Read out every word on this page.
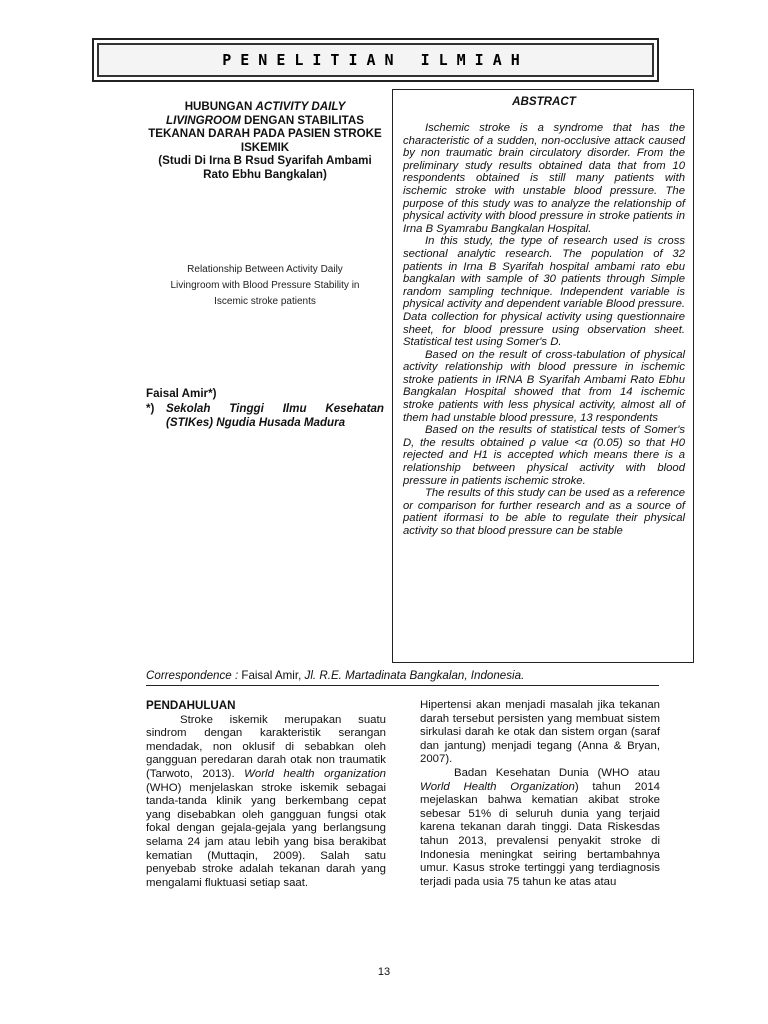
PENELITIAN ILMIAH
HUBUNGAN ACTIVITY DAILY LIVINGROOM DENGAN STABILITAS TEKANAN DARAH PADA PASIEN STROKE ISKEMIK
(Studi Di Irna B Rsud Syarifah Ambami Rato Ebhu Bangkalan)
Relationship Between Activity Daily
Livingroom with Blood Pressure Stability in
Iscemic stroke patients
Faisal Amir*)
*)	Sekolah Tinggi Ilmu Kesehatan (STIKes) Ngudia Husada Madura
ABSTRACT

Ischemic stroke is a syndrome that has the characteristic of a sudden, non-occlusive attack caused by non traumatic brain circulatory disorder. From the preliminary study results obtained data that from 10 respondents obtained is still many patients with ischemic stroke with unstable blood pressure. The purpose of this study was to analyze the relationship of physical activity with blood pressure in stroke patients in Irna B Syamrabu Bangkalan Hospital.

In this study, the type of research used is cross sectional analytic research. The population of 32 patients in Irna B Syarifah hospital ambami rato ebu bangkalan with sample of 30 patients through Simple random sampling technique. Independent variable is physical activity and dependent variable Blood pressure. Data collection for physical activity using questionnaire sheet, for blood pressure using observation sheet. Statistical test using Somer's D.

Based on the result of cross-tabulation of physical activity relationship with blood pressure in ischemic stroke patients in IRNA B Syarifah Ambami Rato Ebhu Bangkalan Hospital showed that from 14 ischemic stroke patients with less physical activity, almost all of them had unstable blood pressure, 13 respondents

Based on the results of statistical tests of Somer's D, the results obtained ρ value <α (0.05) so that H0 rejected and H1 is accepted which means there is a relationship between physical activity with blood pressure in patients ischemic stroke.

The results of this study can be used as a reference or comparison for further research and as a source of patient iformasi to be able to regulate their physical activity so that blood pressure can be stable

Correspondence : Faisal Amir, Jl. R.E. Martadinata Bangkalan, Indonesia.
PENDAHULUAN

Stroke iskemik merupakan suatu sindrom dengan karakteristik serangan mendadak, non oklusif di sebabkan oleh gangguan peredaran darah otak non traumatik (Tarwoto, 2013). World health organization (WHO) menjelaskan stroke iskemik sebagai tanda-tanda klinik yang berkembang cepat yang disebabkan oleh gangguan fungsi otak fokal dengan gejala-gejala yang berlangsung selama 24 jam atau lebih yang bisa berakibat kematian (Muttaqin, 2009). Salah satu penyebab stroke adalah tekanan darah yang mengalami fluktuasi setiap saat.

Hipertensi akan menjadi masalah jika tekanan darah tersebut persisten yang membuat sistem sirkulasi darah ke otak dan sistem organ (saraf dan jantung) menjadi tegang (Anna & Bryan, 2007).

Badan Kesehatan Dunia (WHO atau World Health Organization) tahun 2014 mejelaskan bahwa kematian akibat stroke sebesar 51% di seluruh dunia yang terjaid karena tekanan darah tinggi. Data Riskesdas tahun 2013, prevalensi penyakit stroke di Indonesia meningkat seiring bertambahnya umur. Kasus stroke tertinggi yang terdiagnosis terjadi pada usia 75 tahun ke atas atau

13
